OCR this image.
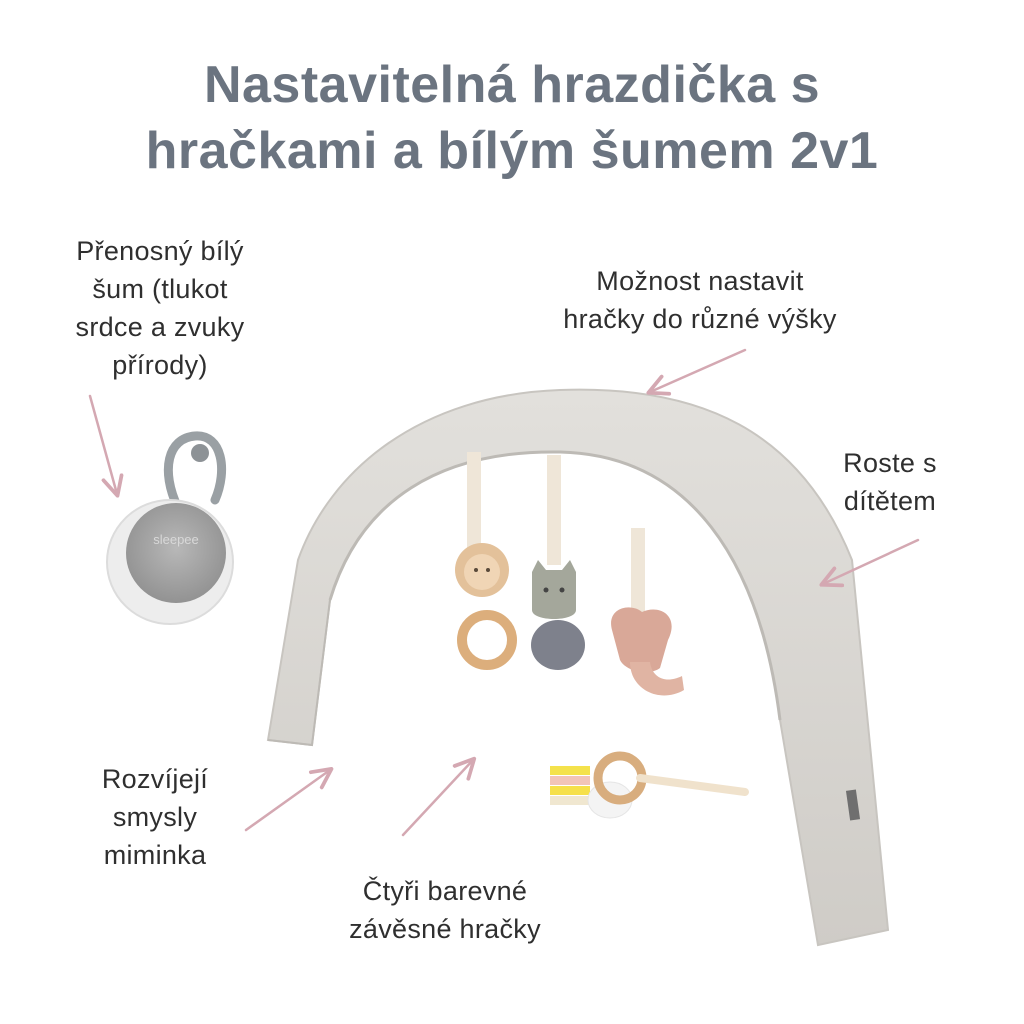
Nastavitelná hrazdička s
hračkami a bílým šumem 2v1
sleepee
Přenosný bílý
šum (tlukot
srdce a zvuky
přírody)
Možnost nastavit
hračky do různé výšky
Roste s
dítětem
Rozvíjejí
smysly
miminka
Čtyři barevné
závěsné hračky
